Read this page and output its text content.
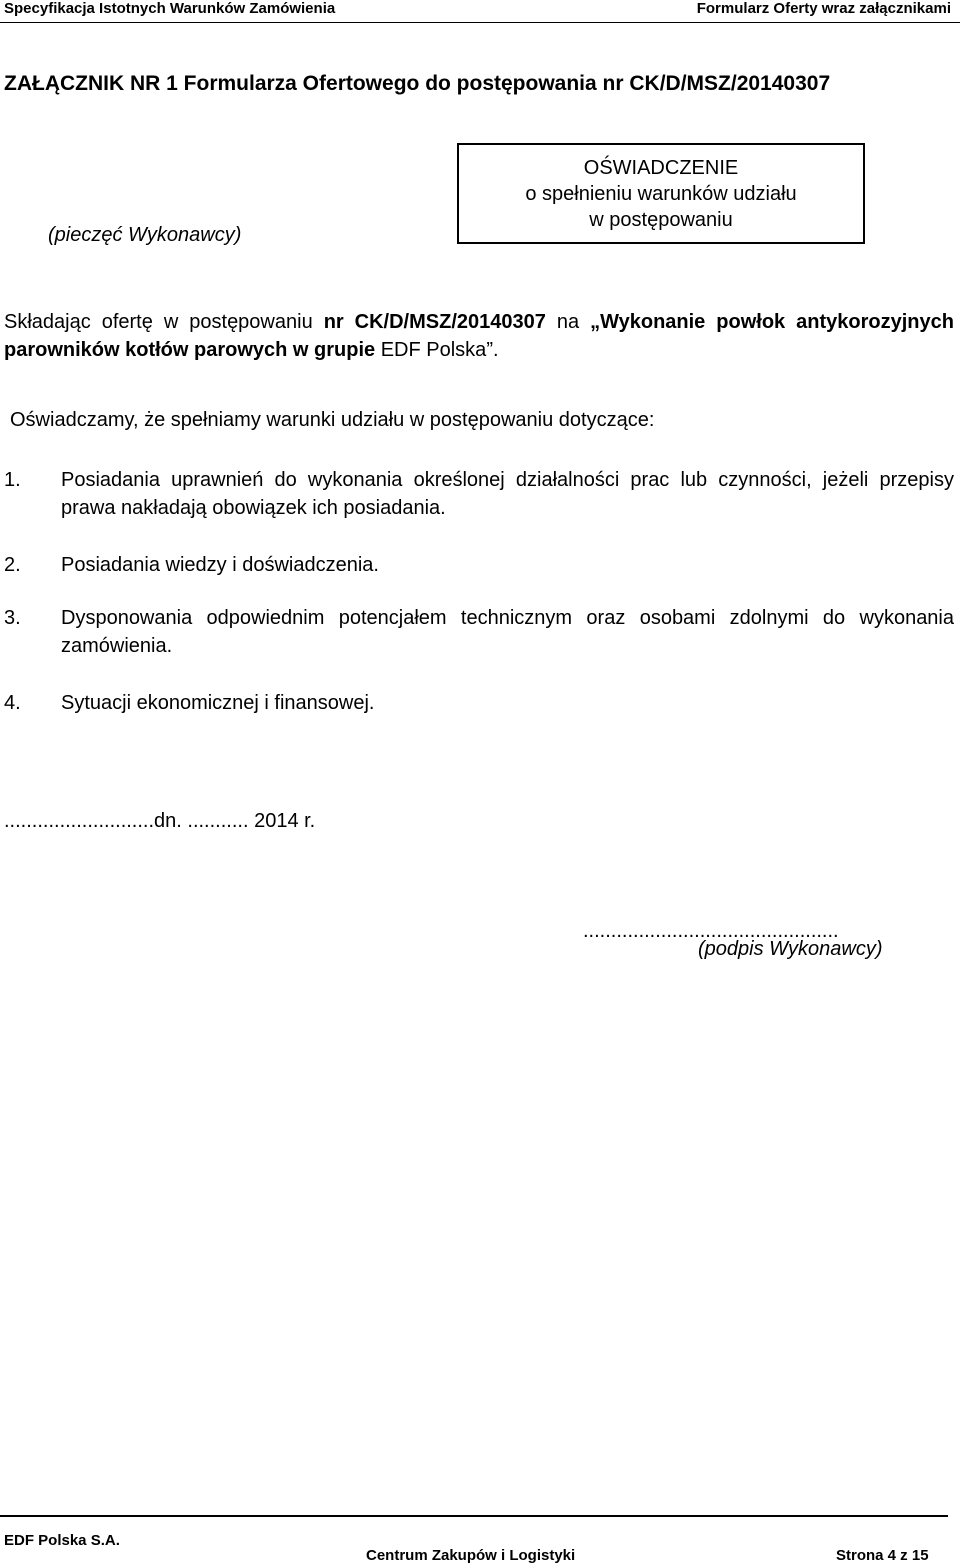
Specyfikacja Istotnych Warunków Zamówienia	Formularz Oferty wraz załącznikami
ZAŁĄCZNIK NR 1 Formularza Ofertowego do postępowania nr CK/D/MSZ/20140307
(pieczęć Wykonawcy)
OŚWIADCZENIE
o spełnieniu warunków udziału
w postępowaniu
Składając ofertę w postępowaniu nr CK/D/MSZ/20140307 na „Wykonanie powłok antykorozyjnych parowników kotłów parowych w grupie EDF Polska”.
Oświadczamy, że spełniamy warunki udziału w postępowaniu dotyczące:
1. Posiadania uprawnień do wykonania określonej działalności prac lub czynności, jeżeli przepisy prawa nakładają obowiązek ich posiadania.
2. Posiadania wiedzy i doświadczenia.
3. Dysponowania odpowiednim potencjałem technicznym oraz osobami zdolnymi do wykonania zamówienia.
4. Sytuacji ekonomicznej i finansowej.
...........................dn. ........... 2014 r.
..............................................
(podpis Wykonawcy)
EDF Polska S.A.
Centrum Zakupów i Logistyki	Strona 4 z 15
